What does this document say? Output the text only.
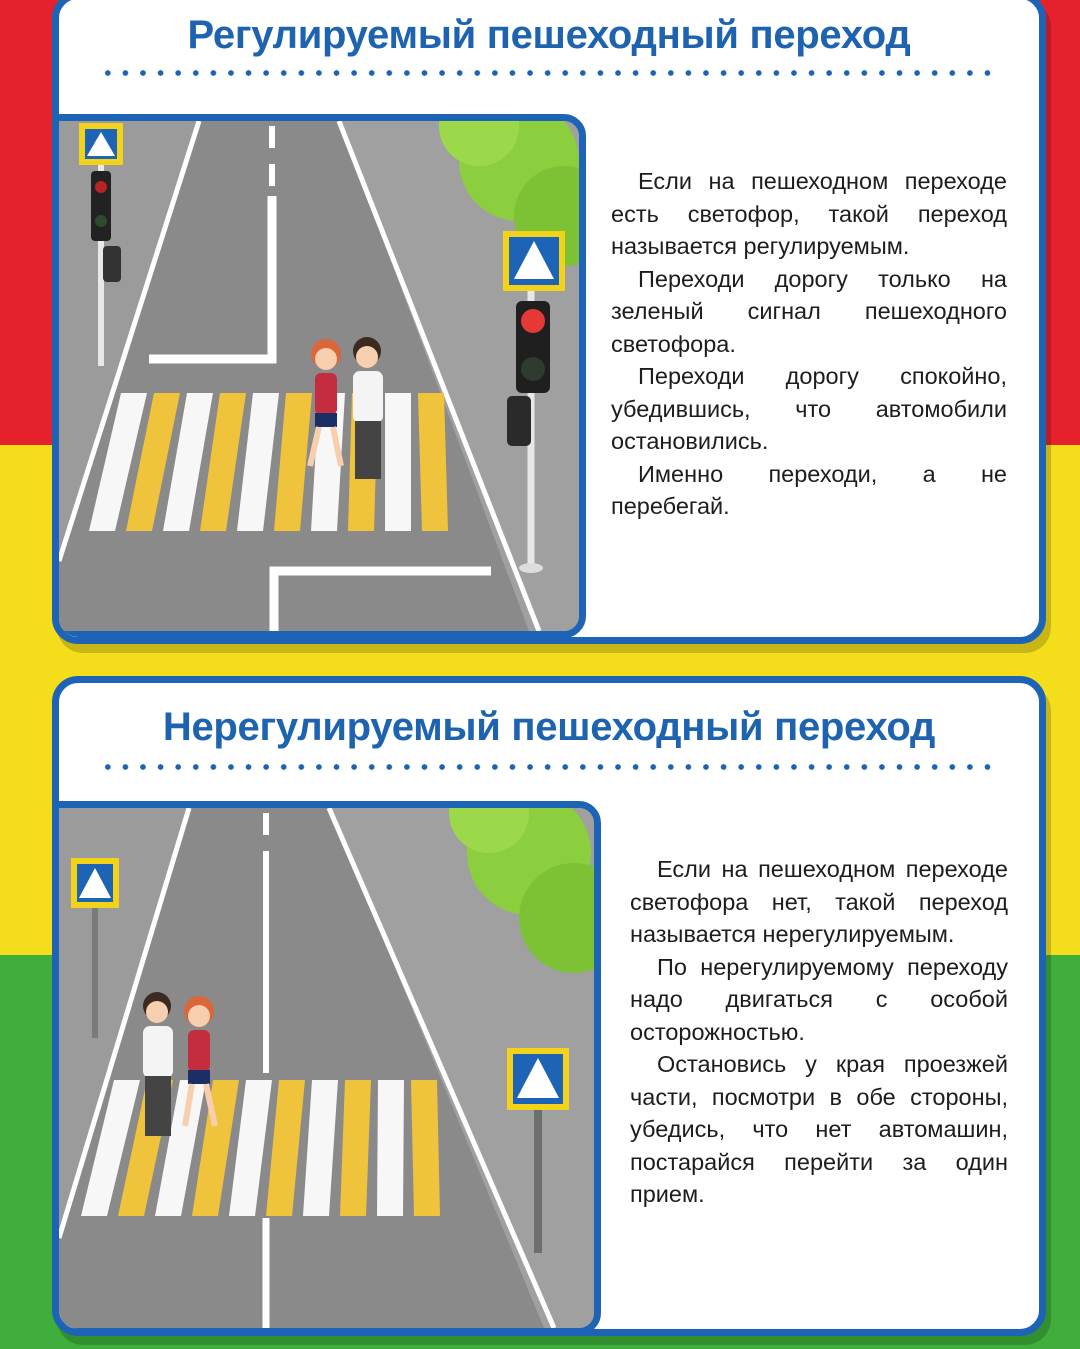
Регулируемый пешеходный переход

Если на пешеходном переходе есть светофор, такой переход называется регулируемым.

Переходи дорогу только на зеленый сигнал пешеходного светофора.

Переходи дорогу спокойно, убедившись, что автомобили остановились.

Именно переходи, а не перебегай.

Нерегулируемый пешеходный переход

Если на пешеходном переходе светофора нет, такой переход называется нерегулируемым.

По нерегулируемому переходу надо двигаться с особой осторожностью.

Остановись у края проезжей части, посмотри в обе стороны, убедись, что нет автомашин, постарайся перейти за один прием.
